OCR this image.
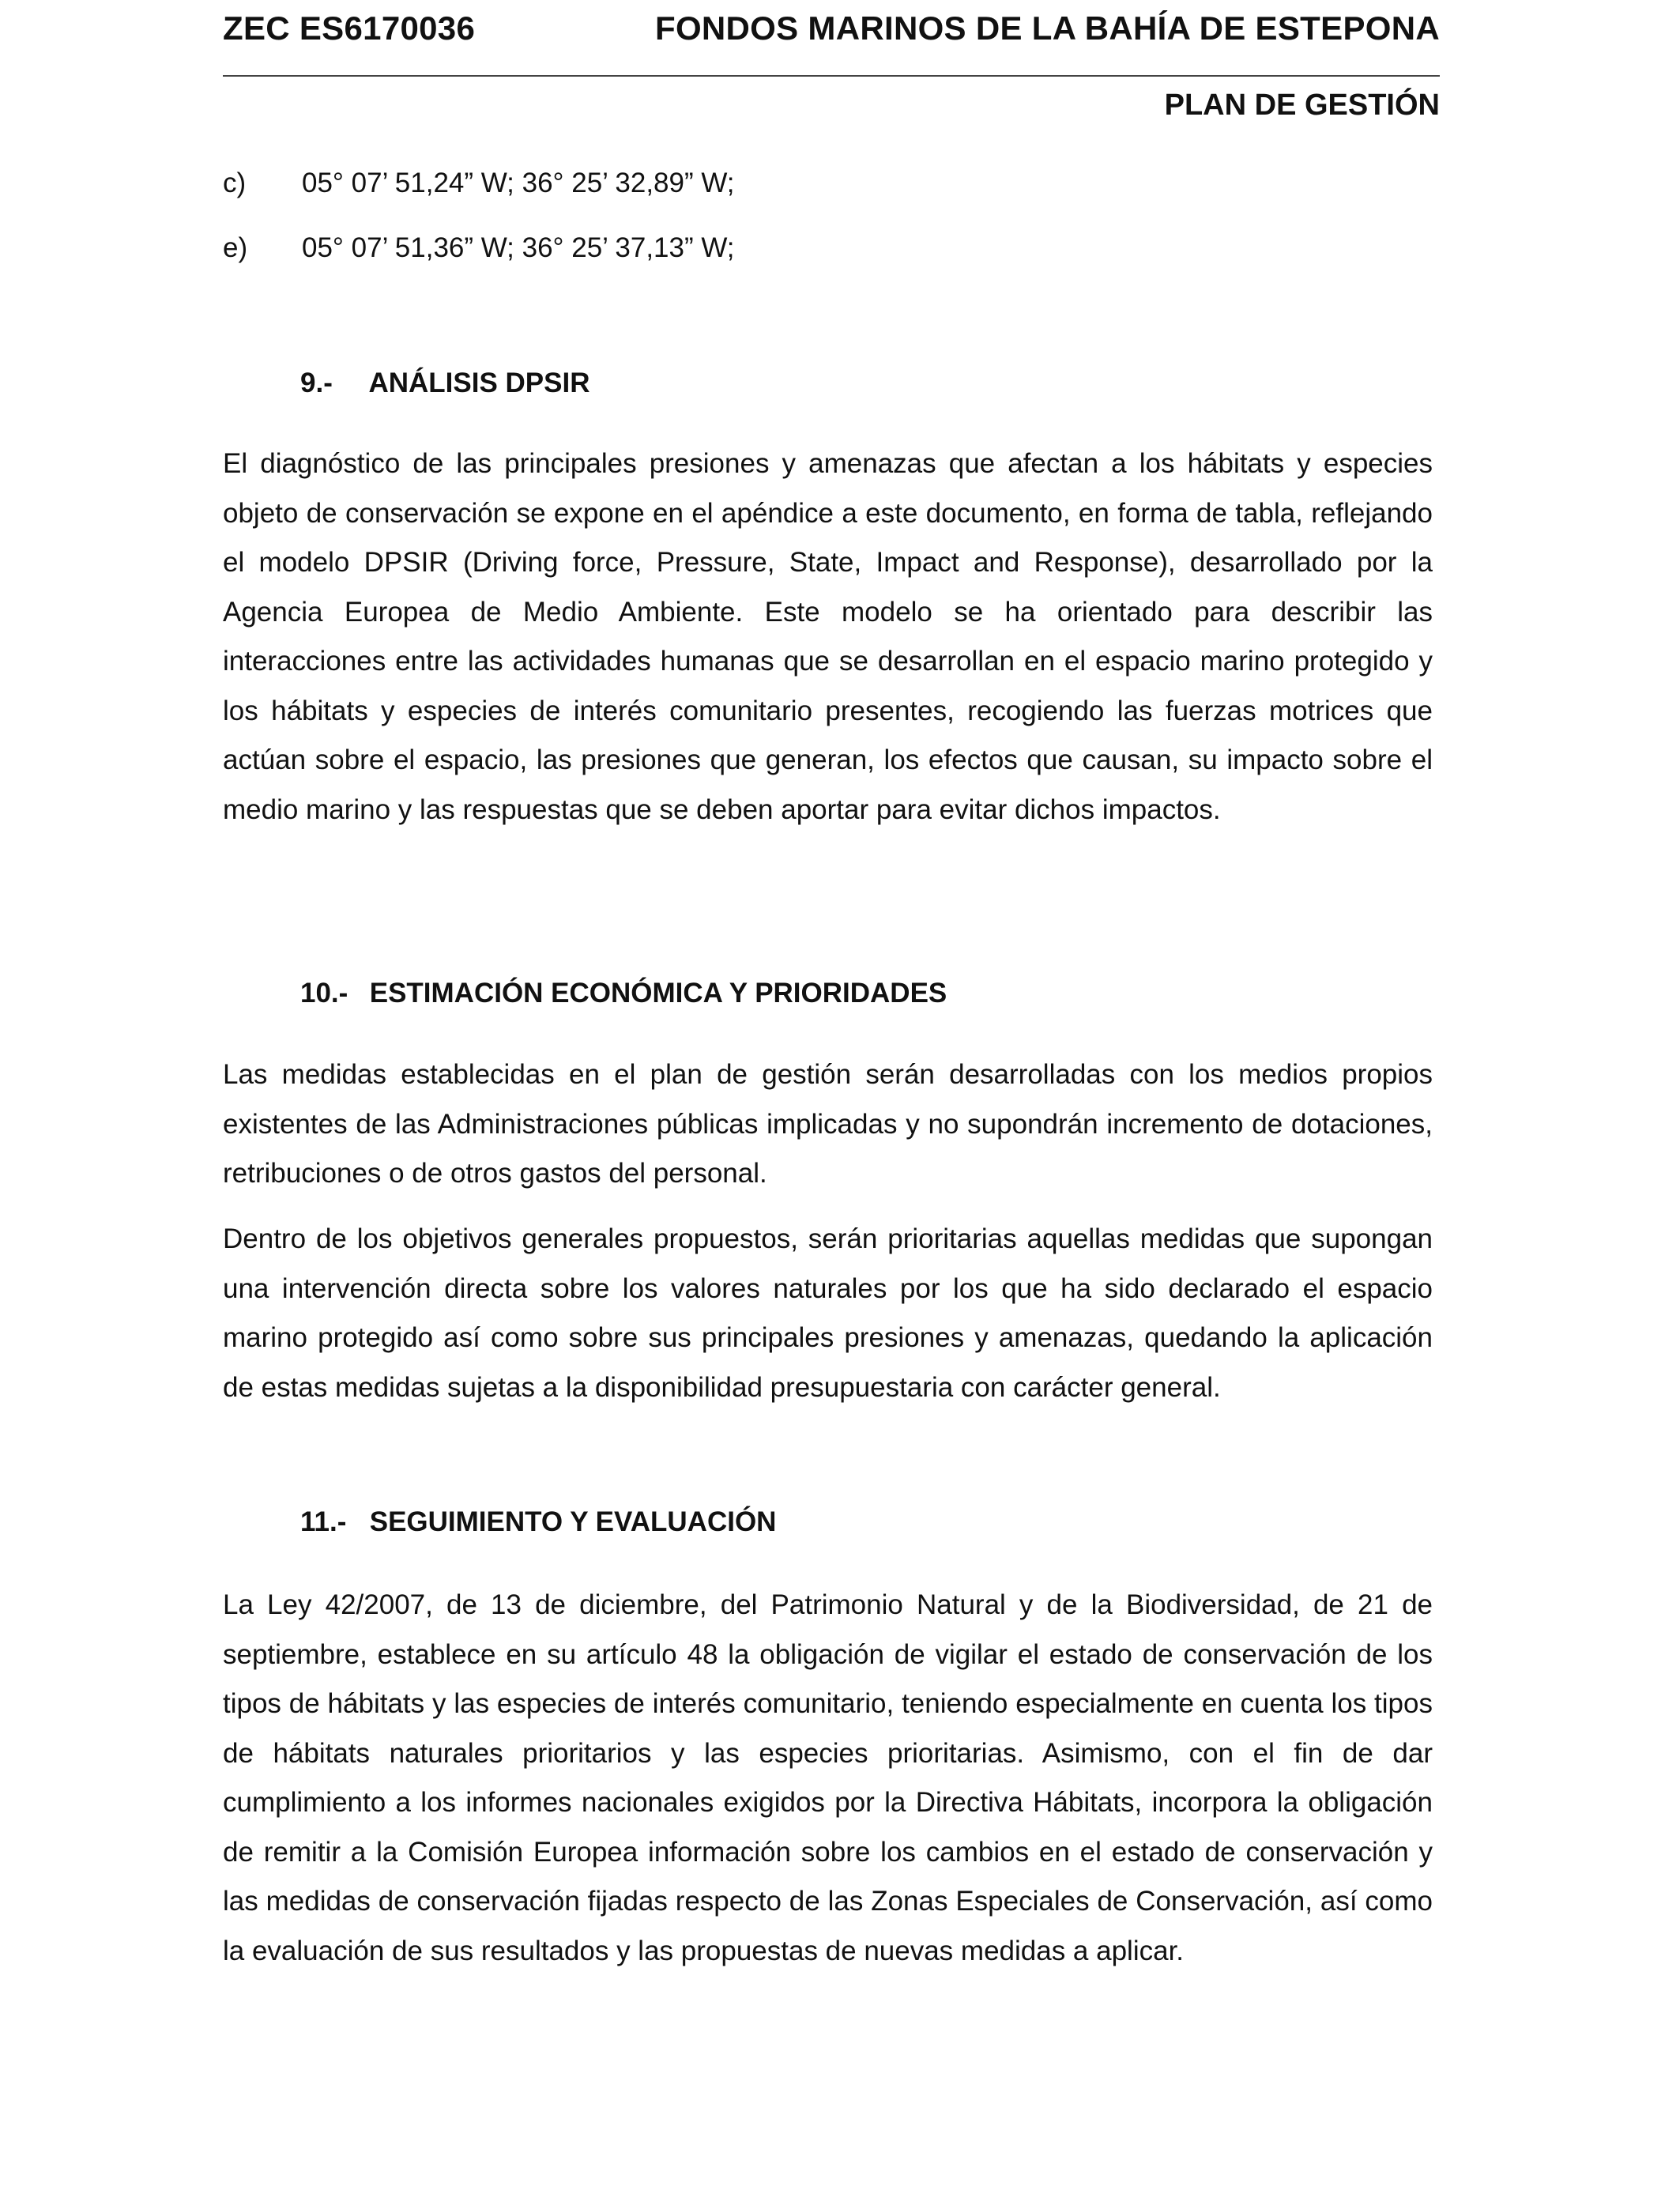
ZEC ES6170036	FONDOS MARINOS DE LA BAHÍA DE ESTEPONA
PLAN DE GESTIÓN
c) 05° 07’ 51,24” W; 36° 25’ 32,89” W;
e) 05° 07’ 51,36” W; 36° 25’ 37,13” W;
9.- ANÁLISIS DPSIR

El diagnóstico de las principales presiones y amenazas que afectan a los hábitats y especies objeto de conservación se expone en el apéndice a este documento, en forma de tabla, reflejando el modelo DPSIR (Driving force, Pressure, State, Impact and Response), desarrollado por la Agencia Europea de Medio Ambiente. Este modelo se ha orientado para describir las interacciones entre las actividades humanas que se desarrollan en el espacio marino protegido y los hábitats y especies de interés comunitario presentes, recogiendo las fuerzas motrices que actúan sobre el espacio, las presiones que generan, los efectos que causan, su impacto sobre el medio marino y las respuestas que se deben aportar para evitar dichos impactos.

10.- ESTIMACIÓN ECONÓMICA Y PRIORIDADES

Las medidas establecidas en el plan de gestión serán desarrolladas con los medios propios existentes de las Administraciones públicas implicadas y no supondrán incremento de dotaciones, retribuciones o de otros gastos del personal.

Dentro de los objetivos generales propuestos, serán prioritarias aquellas medidas que supongan una intervención directa sobre los valores naturales por los que ha sido declarado el espacio marino protegido así como sobre sus principales presiones y amenazas, quedando la aplicación de estas medidas sujetas a la disponibilidad presupuestaria con carácter general.

11.- SEGUIMIENTO Y EVALUACIÓN

La Ley 42/2007, de 13 de diciembre, del Patrimonio Natural y de la Biodiversidad, de 21 de septiembre, establece en su artículo 48 la obligación de vigilar el estado de conservación de los tipos de hábitats y las especies de interés comunitario, teniendo especialmente en cuenta los tipos de hábitats naturales prioritarios y las especies prioritarias. Asimismo, con el fin de dar cumplimiento a los informes nacionales exigidos por la Directiva Hábitats, incorpora la obligación de remitir a la Comisión Europea información sobre los cambios en el estado de conservación y las medidas de conservación fijadas respecto de las Zonas Especiales de Conservación, así como la evaluación de sus resultados y las propuestas de nuevas medidas a aplicar.
